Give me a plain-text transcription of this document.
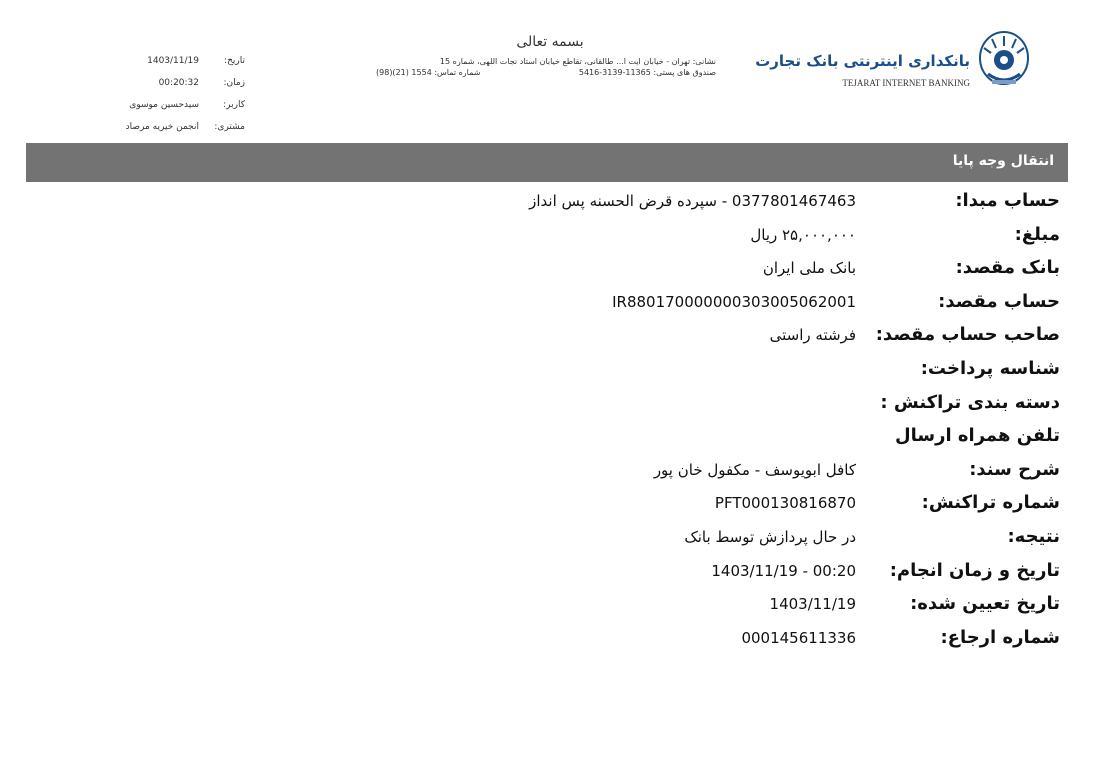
بسمه تعالی
نشانی: تهران - خیابان ایت ا... طالقانی، تقاطع خیابان استاد نجات اللهی، شماره 15
صندوق های پستی: 11365-3139-5416
شماره تماس: 1554 (21)(98)
تاریخ:
1403/11/19
زمان:
00:20:32
کاربر:
سیدحسین موسوی
مشتری:
انجمن خیریه مرصاد
بانکداری اینترنتی بانک تجارت
TEJARAT INTERNET BANKING
انتقال وجه پایا
حساب مبدا:
0377801467463 - سپرده قرض الحسنه پس انداز
مبلغ:
۲۵,۰۰۰,۰۰۰ ریال
بانک مقصد:
بانک ملی ایران
حساب مقصد:
IR880170000000303005062001
صاحب حساب مقصد:
فرشته راستی
شناسه پرداخت:
دسته بندی تراکنش :
تلفن همراه ارسال
شرح سند:
کافل ابویوسف - مکفول خان پور
شماره تراکنش:
PFT000130816870
نتیجه:
در حال پردازش توسط بانک
تاریخ و زمان انجام:
1403/11/19 - 00:20
تاریخ تعیین شده:
1403/11/19
شماره ارجاع:
000145611336
